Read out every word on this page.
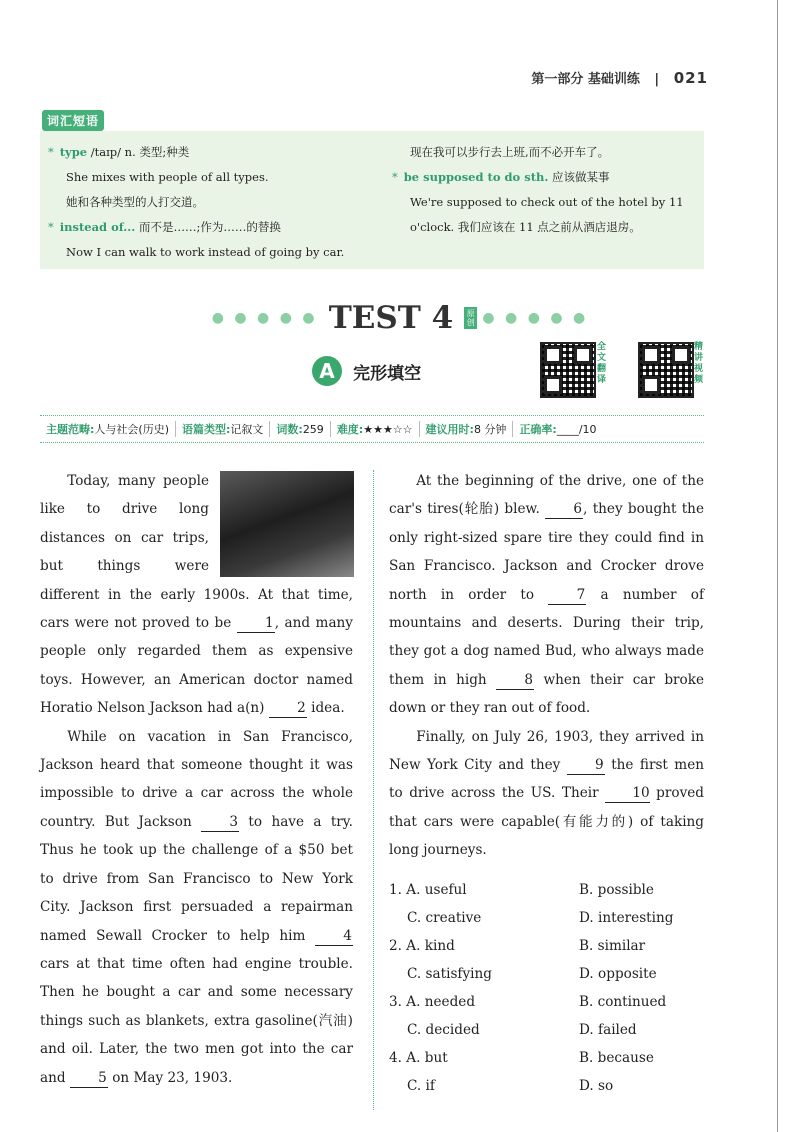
第一部分 基础训练 | 021
词汇短语
* type /taɪp/ n. 类型;种类
She mixes with people of all types.
她和各种类型的人打交道。
* instead of... 而不是……;作为……的替换
Now I can walk to work instead of going by car.
现在我可以步行去上班,而不必开车了。
* be supposed to do sth. 应该做某事
We're supposed to check out of the hotel by 11
o'clock. 我们应该在 11 点之前从酒店退房。
● ● ● ● ● TEST 4 原创 ● ● ● ● ●
A 完形填空
全文翻译
精讲视频
主题范畴:人与社会(历史)	语篇类型:记叙文	词数:259	难度:★★★☆☆	建议用时:8 分钟	正确率:____/10

Today, many people like to drive long distances on car trips, but things were different in the early 1900s. At that time, cars were not proved to be 1, and many people only regarded them as expensive toys. However, an American doctor named Horatio Nelson Jackson had a(n) 2 idea.

While on vacation in San Francisco, Jackson heard that someone thought it was impossible to drive a car across the whole country. But Jackson 3 to have a try. Thus he took up the challenge of a $50 bet to drive from San Francisco to New York City. Jackson first persuaded a repairman named Sewall Crocker to help him 4 cars at that time often had engine trouble. Then he bought a car and some necessary things such as blankets, extra gasoline(汽油) and oil. Later, the two men got into the car and 5 on May 23, 1903.

At the beginning of the drive, one of the car's tires(轮胎) blew. 6, they bought the only right-sized spare tire they could find in San Francisco. Jackson and Crocker drove north in order to 7 a number of mountains and deserts. During their trip, they got a dog named Bud, who always made them in high 8 when their car broke down or they ran out of food.

Finally, on July 26, 1903, they arrived in New York City and they 9 the first men to drive across the US. Their 10 proved that cars were capable(有能力的) of taking long journeys.

1. A. useful	B. possible
C. creative	D. interesting
2. A. kind	B. similar
C. satisfying	D. opposite
3. A. needed	B. continued
C. decided	D. failed
4. A. but	B. because
C. if	D. so
